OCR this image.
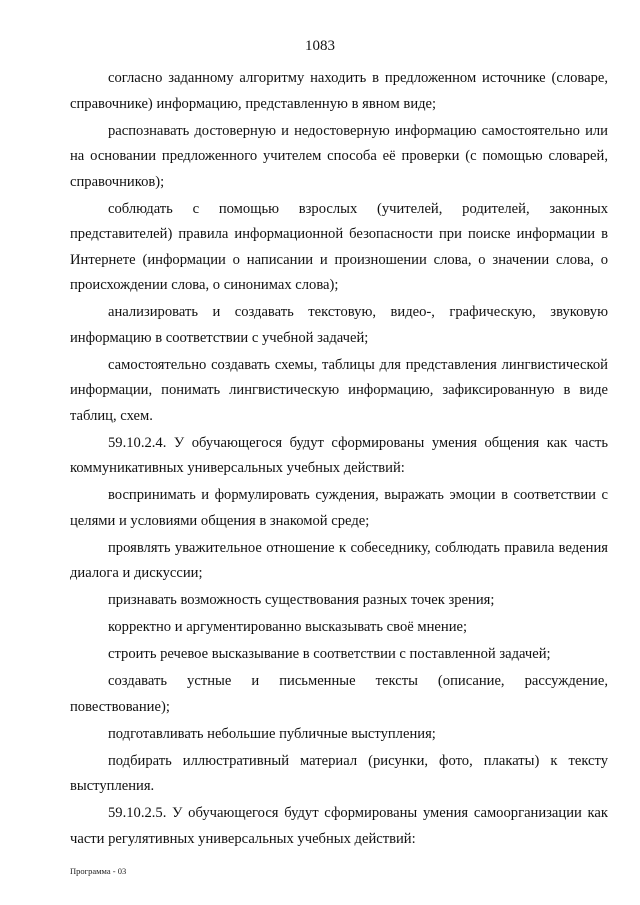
1083

согласно заданному алгоритму находить в предложенном источнике (словаре, справочнике) информацию, представленную в явном виде;

распознавать достоверную и недостоверную информацию самостоятельно или на основании предложенного учителем способа её проверки (с помощью словарей, справочников);

соблюдать с помощью взрослых (учителей, родителей, законных представителей) правила информационной безопасности при поиске информации в Интернете (информации о написании и произношении слова, о значении слова, о происхождении слова, о синонимах слова);

анализировать и создавать текстовую, видео-, графическую, звуковую информацию в соответствии с учебной задачей;

самостоятельно создавать схемы, таблицы для представления лингвистической информации, понимать лингвистическую информацию, зафиксированную в виде таблиц, схем.

59.10.2.4. У обучающегося будут сформированы умения общения как часть коммуникативных универсальных учебных действий:

воспринимать и формулировать суждения, выражать эмоции в соответствии с целями и условиями общения в знакомой среде;

проявлять уважительное отношение к собеседнику, соблюдать правила ведения диалога и дискуссии;

признавать возможность существования разных точек зрения;

корректно и аргументированно высказывать своё мнение;

строить речевое высказывание в соответствии с поставленной задачей;

создавать устные и письменные тексты (описание, рассуждение, повествование);

подготавливать небольшие публичные выступления;

подбирать иллюстративный материал (рисунки, фото, плакаты) к тексту выступления.

59.10.2.5. У обучающегося будут сформированы умения самоорганизации как части регулятивных универсальных учебных действий:

Программа - 03
